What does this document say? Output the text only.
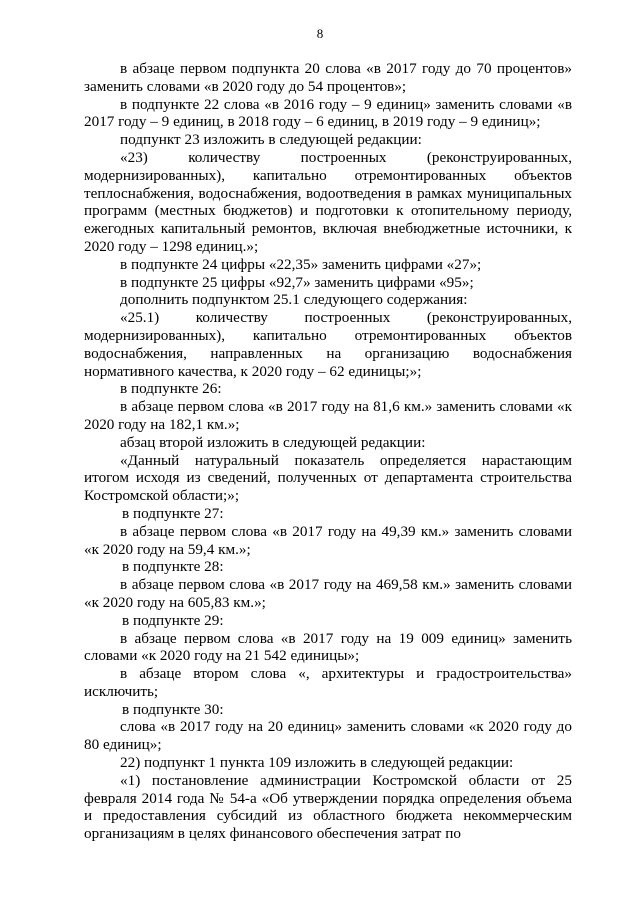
8

в абзаце первом подпункта 20 слова «в 2017 году до 70 процентов» заменить словами «в 2020 году до 54 процентов»;

в подпункте 22 слова «в 2016 году – 9 единиц» заменить словами «в 2017 году – 9 единиц, в 2018 году – 6 единиц, в 2019 году – 9 единиц»;

подпункт 23 изложить в следующей редакции:

«23) количеству построенных (реконструированных, модернизированных), капитально отремонтированных объектов теплоснабжения, водоснабжения, водоотведения в рамках муниципальных программ (местных бюджетов) и подготовки к отопительному периоду, ежегодных капитальный ремонтов, включая внебюджетные источники, к 2020 году – 1298 единиц.»;

в подпункте 24 цифры «22,35» заменить цифрами «27»;

в подпункте 25 цифры «92,7» заменить цифрами «95»;

дополнить подпунктом 25.1 следующего содержания:

«25.1) количеству построенных (реконструированных, модернизированных), капитально отремонтированных объектов водоснабжения, направленных на организацию водоснабжения нормативного качества, к 2020 году – 62 единицы;»;

в подпункте 26:

в абзаце первом слова «в 2017 году на 81,6 км.» заменить словами «к 2020 году на 182,1 км.»;

абзац второй изложить в следующей редакции:

«Данный натуральный показатель определяется нарастающим итогом исходя из сведений, полученных от департамента строительства Костромской области;»;

в подпункте 27:

в абзаце первом слова «в 2017 году на 49,39 км.» заменить словами «к 2020 году на 59,4 км.»;

в подпункте 28:

в абзаце первом слова «в 2017 году на 469,58 км.» заменить словами «к 2020 году на 605,83 км.»;

в подпункте 29:

в абзаце первом слова «в 2017 году на 19 009 единиц» заменить словами «к 2020 году на 21 542 единицы»;

в абзаце втором слова «, архитектуры и градостроительства» исключить;

в подпункте 30:

слова «в 2017 году на 20 единиц» заменить словами «к 2020 году до 80 единиц»;

22) подпункт 1 пункта 109 изложить в следующей редакции:

«1) постановление администрации Костромской области от 25 февраля 2014 года № 54-а «Об утверждении порядка определения объема и предоставления субсидий из областного бюджета некоммерческим организациям в целях финансового обеспечения затрат по
